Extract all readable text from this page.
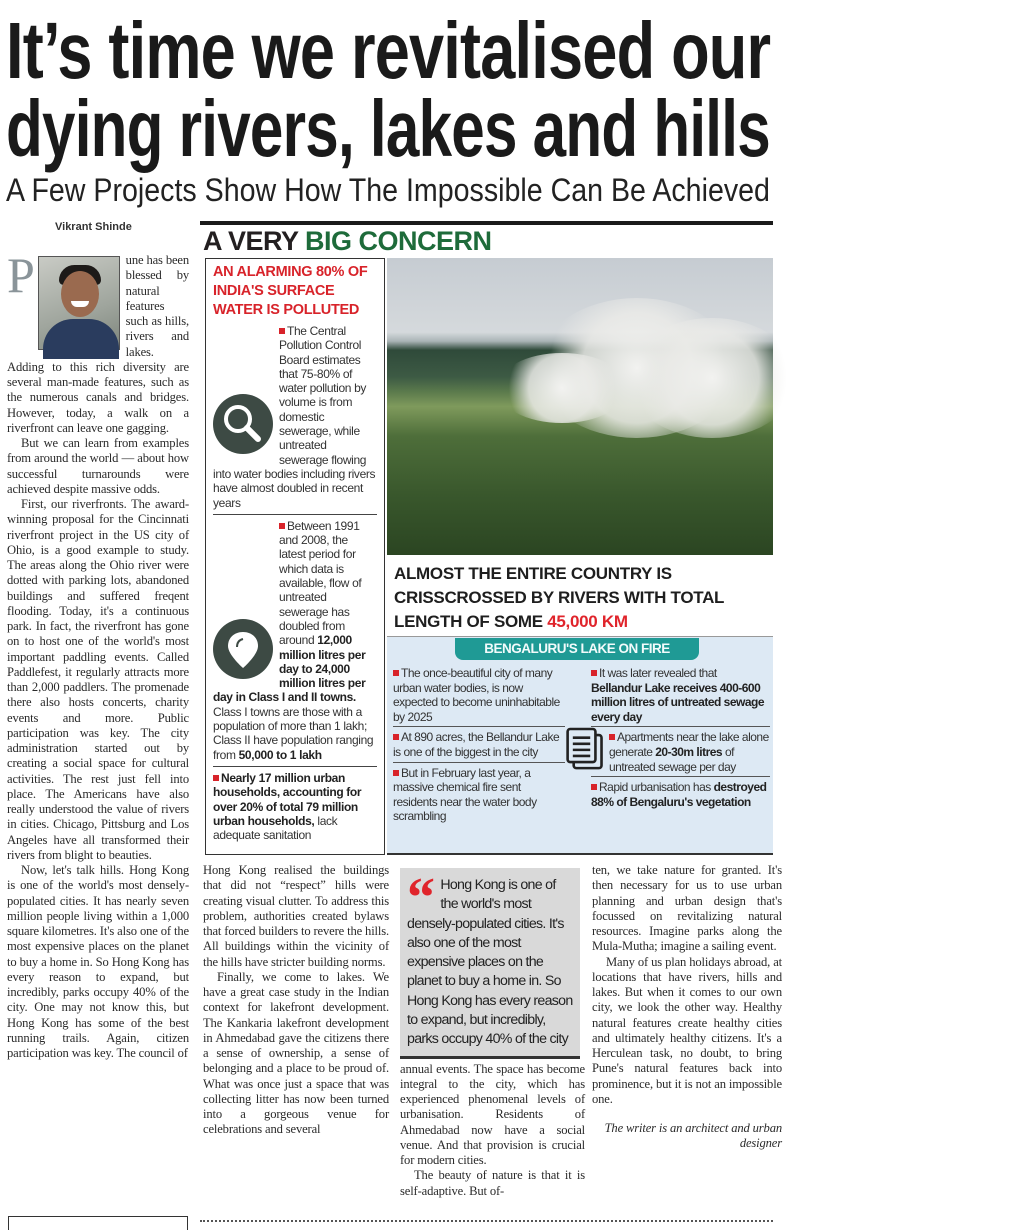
It’s time we revitalised our
dying rivers, lakes and hills
A Few Projects Show How The Impossible Can Be Achieved
Vikrant Shinde	A VERY BIG CONCERN

P	une has been blessed by natural features such as hills, rivers and lakes. Adding to this rich diversity are several man-made features, such as the numerous canals and bridges. However, today, a walk on a riverfront can leave one gagging.

But we can learn from examples from around the world — about how successful turnarounds were achieved despite massive odds.

First, our riverfronts. The award-winning proposal for the Cincinnati riverfront project in the US city of Ohio, is a good example to study. The areas along the Ohio river were dotted with parking lots, abandoned buildings and suffered freqent flooding. Today, it's a continuous park. In fact, the riverfront has gone on to host one of the world's most important paddling events. Called Paddlefest, it regularly attracts more than 2,000 paddlers. The promenade there also hosts concerts, charity events and more. Public participation was key. The city administration started out by creating a social space for cultural activities. The rest just fell into place. The Americans have also really understood the value of rivers in cities. Chicago, Pittsburg and Los Angeles have all transformed their rivers from blight to beauties.

Now, let's talk hills. Hong Kong is one of the world's most densely-populated cities. It has nearly seven million people living within a 1,000 square kilometres. It's also one of the most expensive places on the planet to buy a home in. So Hong Kong has every reason to expand, but incredibly, parks occupy 40% of the city. One may not know this, but Hong Kong has some of the best running trails. Again, citizen participation was key. The council of

AN ALARMING 80% OF INDIA'S SURFACE WATER IS POLLUTED
The Central Pollution Control Board estimates that 75-80% of water pollution by volume is from domestic sewerage, while untreated sewerage flowing into water bodies including rivers have almost doubled in recent years
Between 1991 and 2008, the latest period for which data is available, flow of untreated sewerage has doubled from around 12,000 million litres per day to 24,000 million litres per day in Class I and II towns. Class I towns are those with a population of more than 1 lakh; Class II have population ranging from 50,000 to 1 lakh
Nearly 17 million urban households, accounting for over 20% of total 79 million urban households, lack adequate sanitation
ALMOST THE ENTIRE COUNTRY IS CRISSCROSSED BY RIVERS WITH TOTAL LENGTH OF SOME 45,000 KM
BENGALURU'S LAKE ON FIRE
The once-beautiful city of many urban water bodies, is now expected to become uninhabitable by 2025
At 890 acres, the Bellandur Lake is one of the biggest in the city
But in February last year, a massive chemical fire sent residents near the water body scrambling
It was later revealed that Bellandur Lake receives 400-600 million litres of untreated sewage every day
Apartments near the lake alone generate 20-30m litres of untreated sewage per day
Rapid urbanisation has destroyed 88% of Bengaluru's vegetation

Hong Kong realised the buildings that did not “respect” hills were creating visual clutter. To address this problem, authorities created bylaws that forced builders to revere the hills. All buildings within the vicinity of the hills have stricter building norms.

Finally, we come to lakes. We have a great case study in the Indian context for lakefront development. The Kankaria lakefront development in Ahmedabad gave the citizens there a sense of ownership, a sense of belonging and a place to be proud of. What was once just a space that was collecting litter has now been turned into a gorgeous venue for celebrations and several

“ Hong Kong is one of the world's most densely-populated cities. It's also one of the most expensive places on the planet to buy a home in. So Hong Kong has every reason to expand, but incredibly, parks occupy 40% of the city

annual events. The space has become integral to the city, which has experienced phenomenal levels of urbanisation. Residents of Ahmedabad now have a social venue. And that provision is crucial for modern cities.

The beauty of nature is that it is self-adaptive. But of-

ten, we take nature for granted. It's then necessary for us to use urban planning and urban design that's focussed on revitalizing natural resources. Imagine parks along the Mula-Mutha; imagine a sailing event.

Many of us plan holidays abroad, at locations that have rivers, hills and lakes. But when it comes to our own city, we look the other way. Healthy natural features create healthy cities and ultimately healthy citizens. It's a Herculean task, no doubt, to bring Pune's natural features back into prominence, but it is not an impossible one.

The writer is an architect and urban designer
